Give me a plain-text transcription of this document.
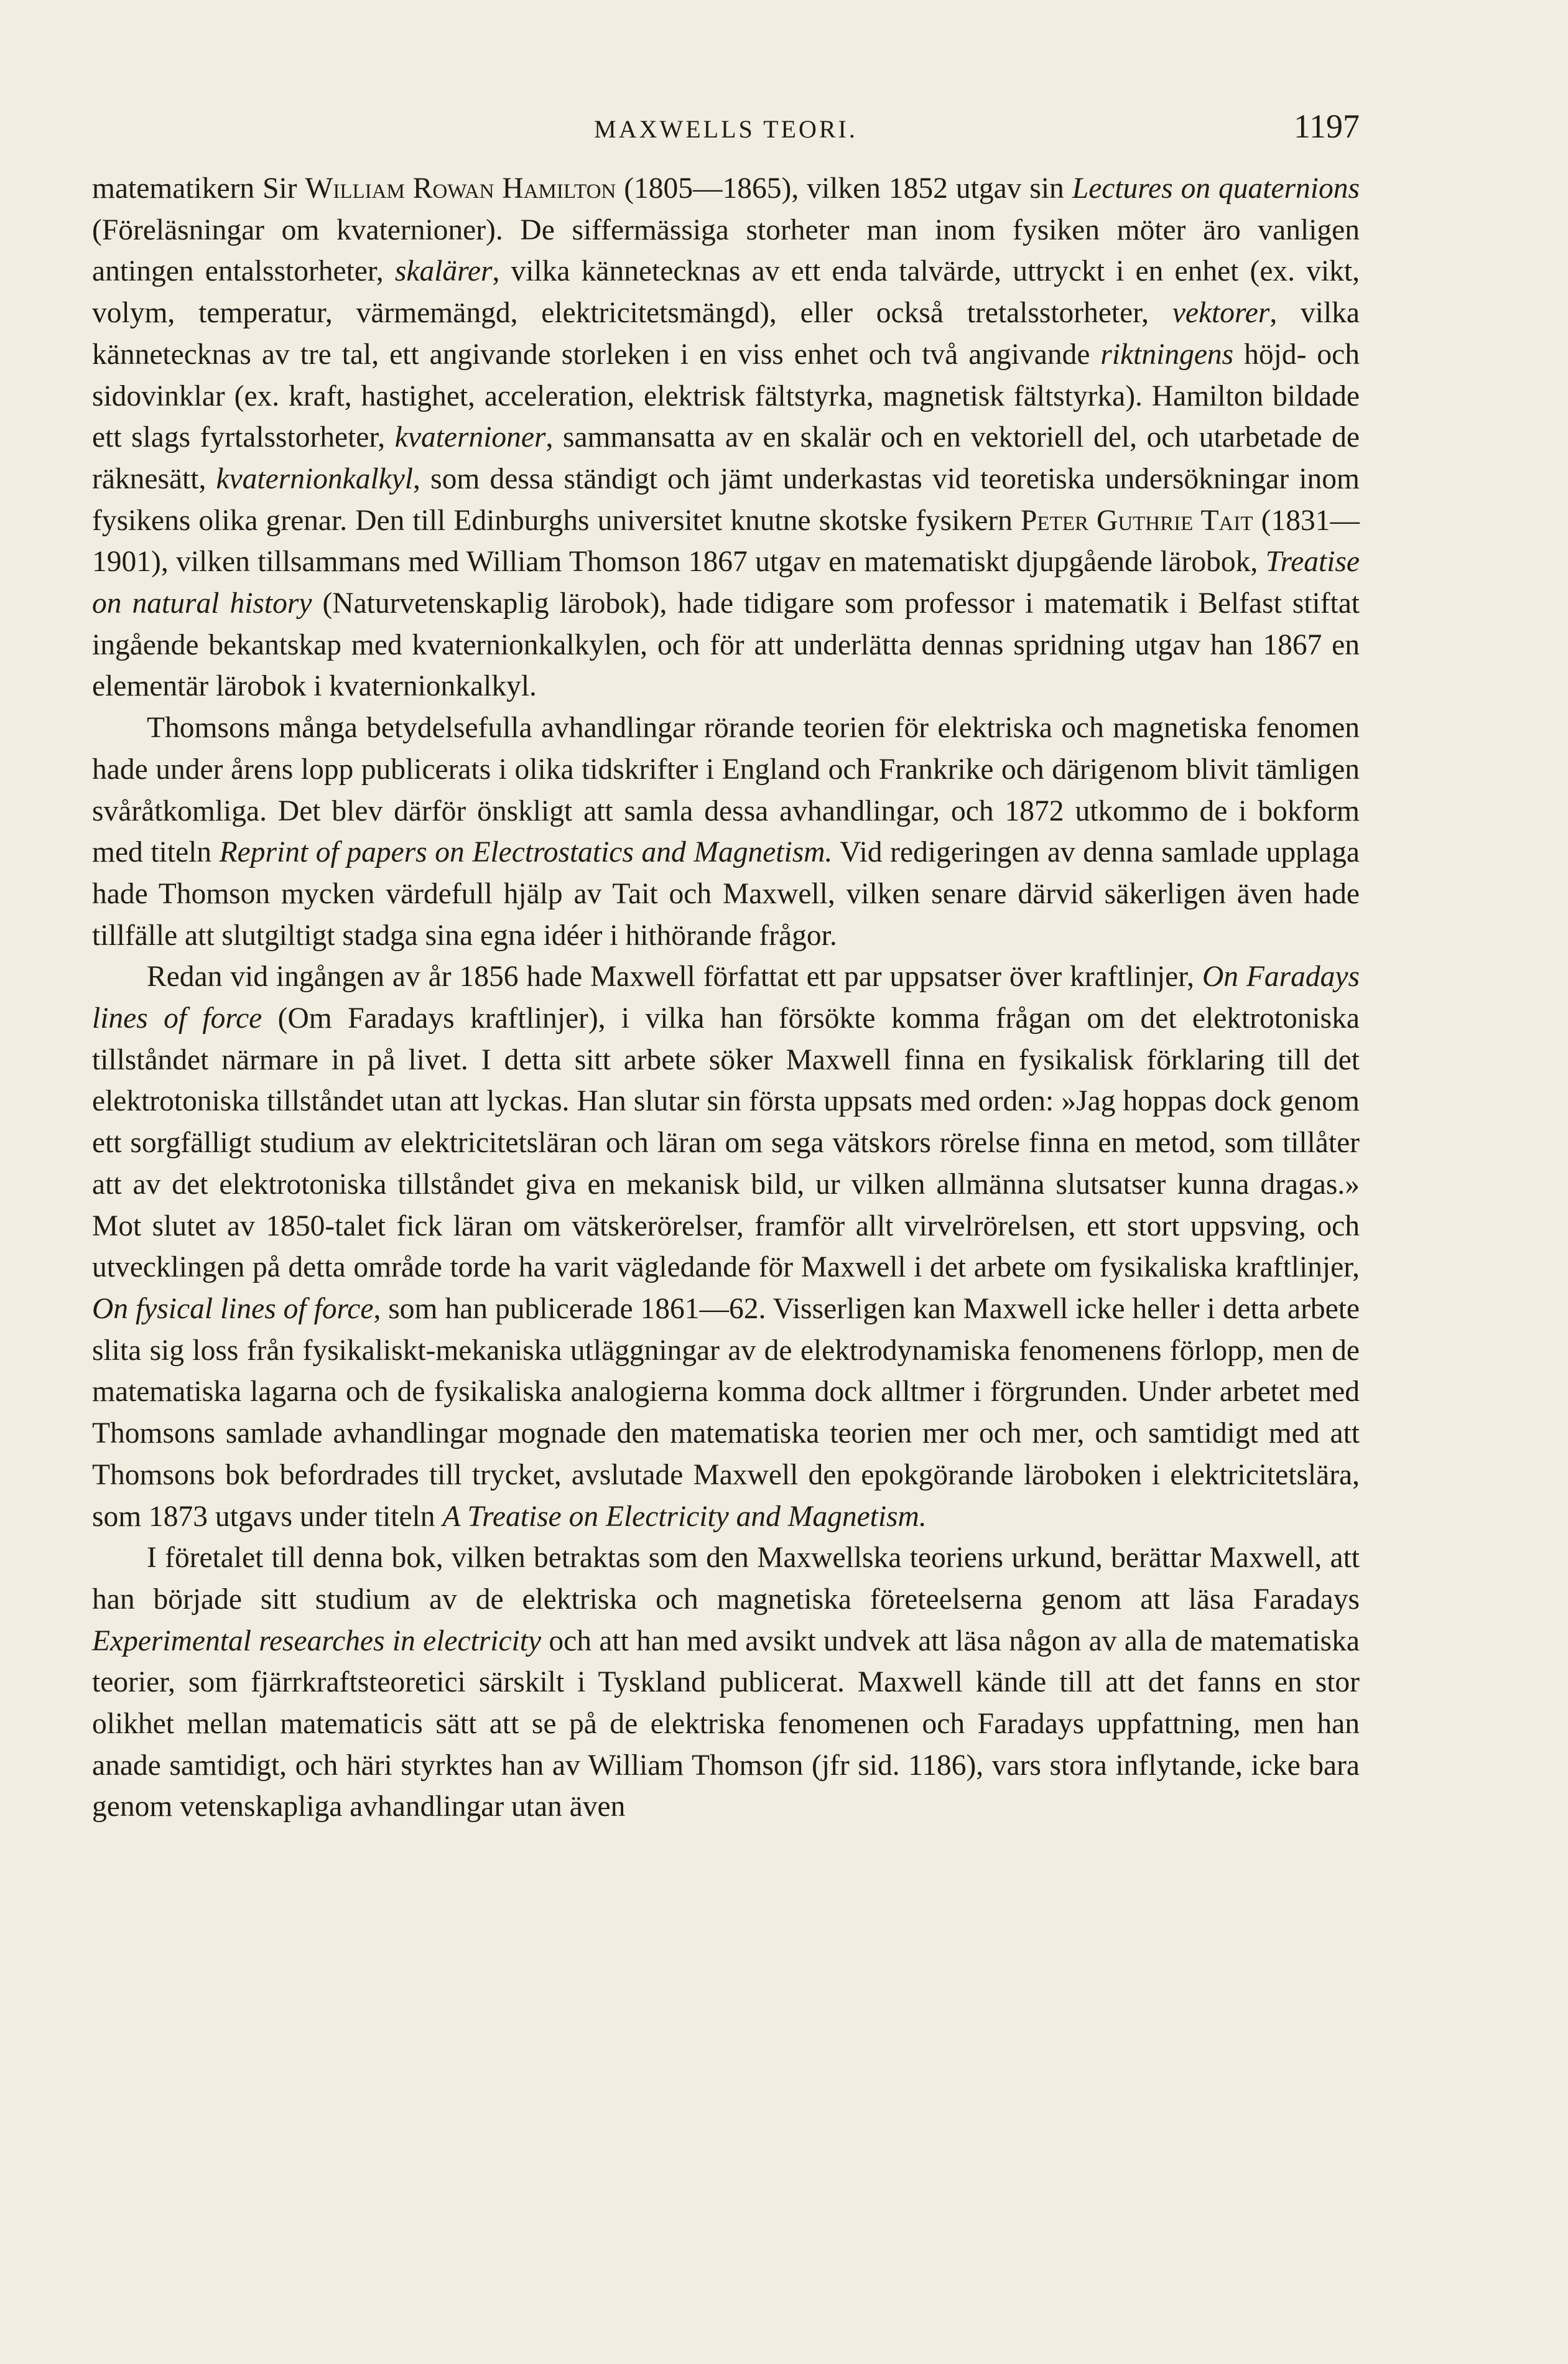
MAXWELLS TEORI.	1197

matematikern Sir William Rowan Hamilton (1805—1865), vilken 1852 utgav sin Lectures on quaternions (Föreläsningar om kvaternioner). De siffermässiga storheter man inom fysiken möter äro vanligen antingen entalsstorheter, skalärer, vilka kännetecknas av ett enda talvärde, uttryckt i en enhet (ex. vikt, volym, temperatur, värmemängd, elektricitetsmängd), eller också tretalsstorheter, vektorer, vilka kännetecknas av tre tal, ett angivande storleken i en viss enhet och två angivande riktningens höjd- och sidovinklar (ex. kraft, hastighet, acceleration, elektrisk fältstyrka, magnetisk fältstyrka). Hamilton bildade ett slags fyrtalsstorheter, kvaternioner, sammansatta av en skalär och en vektoriell del, och utarbetade de räknesätt, kvaternionkalkyl, som dessa ständigt och jämt underkastas vid teoretiska undersökningar inom fysikens olika grenar. Den till Edinburghs universitet knutne skotske fysikern Peter Guthrie Tait (1831—1901), vilken tillsammans med William Thomson 1867 utgav en matematiskt djupgående lärobok, Treatise on natural history (Naturvetenskaplig lärobok), hade tidigare som professor i matematik i Belfast stiftat ingående bekantskap med kvaternionkalkylen, och för att underlätta dennas spridning utgav han 1867 en elementär lärobok i kvaternionkalkyl.

Thomsons många betydelsefulla avhandlingar rörande teorien för elektriska och magnetiska fenomen hade under årens lopp publicerats i olika tidskrifter i England och Frankrike och därigenom blivit tämligen svåråtkomliga. Det blev därför önskligt att samla dessa avhandlingar, och 1872 utkommo de i bokform med titeln Reprint of papers on Electrostatics and Magnetism. Vid redigeringen av denna samlade upplaga hade Thomson mycken värdefull hjälp av Tait och Maxwell, vilken senare därvid säkerligen även hade tillfälle att slutgiltigt stadga sina egna idéer i hithörande frågor.

Redan vid ingången av år 1856 hade Maxwell författat ett par uppsatser över kraftlinjer, On Faradays lines of force (Om Faradays kraftlinjer), i vilka han försökte komma frågan om det elektrotoniska tillståndet närmare in på livet. I detta sitt arbete söker Maxwell finna en fysikalisk förklaring till det elektrotoniska tillståndet utan att lyckas. Han slutar sin första uppsats med orden: »Jag hoppas dock genom ett sorgfälligt studium av elektricitetsläran och läran om sega vätskors rörelse finna en metod, som tillåter att av det elektrotoniska tillståndet giva en mekanisk bild, ur vilken allmänna slutsatser kunna dragas.» Mot slutet av 1850-talet fick läran om vätskerörelser, framför allt virvelrörelsen, ett stort uppsving, och utvecklingen på detta område torde ha varit vägledande för Maxwell i det arbete om fysikaliska kraftlinjer, On fysical lines of force, som han publicerade 1861—62. Visserligen kan Maxwell icke heller i detta arbete slita sig loss från fysikaliskt-mekaniska utläggningar av de elektrodynamiska fenomenens förlopp, men de matematiska lagarna och de fysikaliska analogierna komma dock alltmer i förgrunden. Under arbetet med Thomsons samlade avhandlingar mognade den matematiska teorien mer och mer, och samtidigt med att Thomsons bok befordrades till trycket, avslutade Maxwell den epokgörande läroboken i elektricitetslära, som 1873 utgavs under titeln A Treatise on Electricity and Magnetism.

I företalet till denna bok, vilken betraktas som den Maxwellska teoriens urkund, berättar Maxwell, att han började sitt studium av de elektriska och magnetiska företeelserna genom att läsa Faradays Experimental researches in electricity och att han med avsikt undvek att läsa någon av alla de matematiska teorier, som fjärrkraftsteoretici särskilt i Tyskland publicerat. Maxwell kände till att det fanns en stor olikhet mellan matematicis sätt att se på de elektriska fenomenen och Faradays uppfattning, men han anade samtidigt, och häri styrktes han av William Thomson (jfr sid. 1186), vars stora inflytande, icke bara genom vetenskapliga avhandlingar utan även
